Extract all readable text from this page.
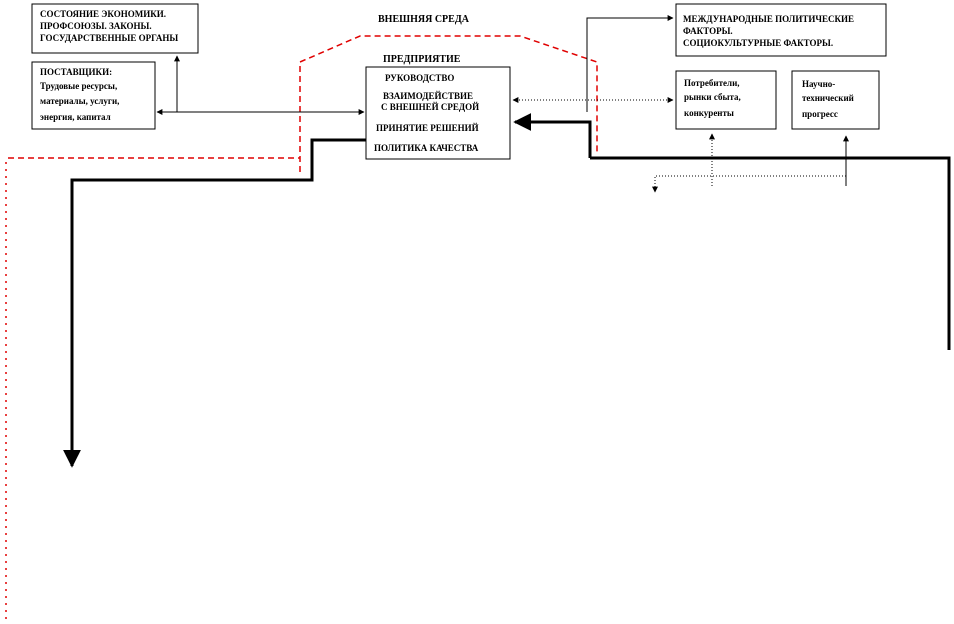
СОСТОЯНИЕ ЭКОНОМИКИ.
ПРОФСОЮЗЫ. ЗАКОНЫ.
ГОСУДАРСТВЕННЫЕ ОРГАНЫ
ПОСТАВЩИКИ:
Трудовые ресурсы,
материалы, услуги,
энергия, капитал
ВНЕШНЯЯ СРЕДА
ПРЕДПРИЯТИЕ
РУКОВОДСТВО
ВЗАИМОДЕЙСТВИЕ
С ВНЕШНЕЙ СРЕДОЙ
ПРИНЯТИЕ РЕШЕНИЙ
ПОЛИТИКА КАЧЕСТВА
МЕЖДУНАРОДНЫЕ ПОЛИТИЧЕСКИЕ
ФАКТОРЫ.
СОЦИОКУЛЬТУРНЫЕ ФАКТОРЫ.
Потребители,
рынки сбыта,
конкуренты
Научно-
технический
прогресс
